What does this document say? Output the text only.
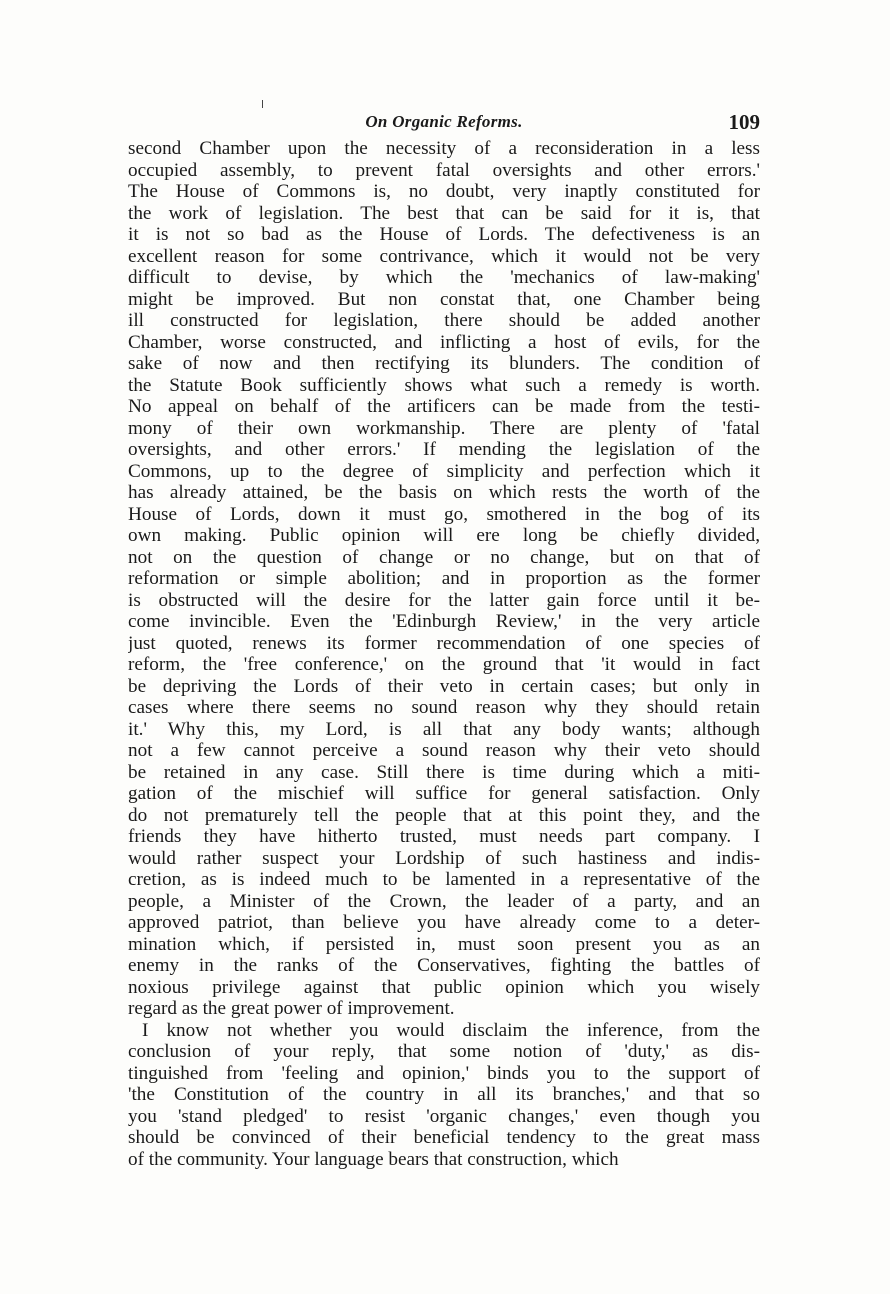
On Organic Reforms.	109
second Chamber upon the necessity of a reconsideration in a less
occupied assembly, to prevent fatal oversights and other errors.'
The House of Commons is, no doubt, very inaptly constituted for
the work of legislation. The best that can be said for it is, that
it is not so bad as the House of Lords. The defectiveness is an
excellent reason for some contrivance, which it would not be very
difficult to devise, by which the 'mechanics of law-making'
might be improved. But non constat that, one Chamber being
ill constructed for legislation, there should be added another
Chamber, worse constructed, and inflicting a host of evils, for the
sake of now and then rectifying its blunders. The condition of
the Statute Book sufficiently shows what such a remedy is worth.
No appeal on behalf of the artificers can be made from the testi-
mony of their own workmanship. There are plenty of 'fatal
oversights, and other errors.' If mending the legislation of the
Commons, up to the degree of simplicity and perfection which it
has already attained, be the basis on which rests the worth of the
House of Lords, down it must go, smothered in the bog of its
own making. Public opinion will ere long be chiefly divided,
not on the question of change or no change, but on that of
reformation or simple abolition; and in proportion as the former
is obstructed will the desire for the latter gain force until it be-
come invincible. Even the 'Edinburgh Review,' in the very article
just quoted, renews its former recommendation of one species of
reform, the 'free conference,' on the ground that 'it would in fact
be depriving the Lords of their veto in certain cases; but only in
cases where there seems no sound reason why they should retain
it.' Why this, my Lord, is all that any body wants; although
not a few cannot perceive a sound reason why their veto should
be retained in any case. Still there is time during which a miti-
gation of the mischief will suffice for general satisfaction. Only
do not prematurely tell the people that at this point they, and the
friends they have hitherto trusted, must needs part company. I
would rather suspect your Lordship of such hastiness and indis-
cretion, as is indeed much to be lamented in a representative of the
people, a Minister of the Crown, the leader of a party, and an
approved patriot, than believe you have already come to a deter-
mination which, if persisted in, must soon present you as an
enemy in the ranks of the Conservatives, fighting the battles of
noxious privilege against that public opinion which you wisely
regard as the great power of improvement.
I know not whether you would disclaim the inference, from the
conclusion of your reply, that some notion of 'duty,' as dis-
tinguished from 'feeling and opinion,' binds you to the support of
'the Constitution of the country in all its branches,' and that so
you 'stand pledged' to resist 'organic changes,' even though you
should be convinced of their beneficial tendency to the great mass
of the community. Your language bears that construction, which
